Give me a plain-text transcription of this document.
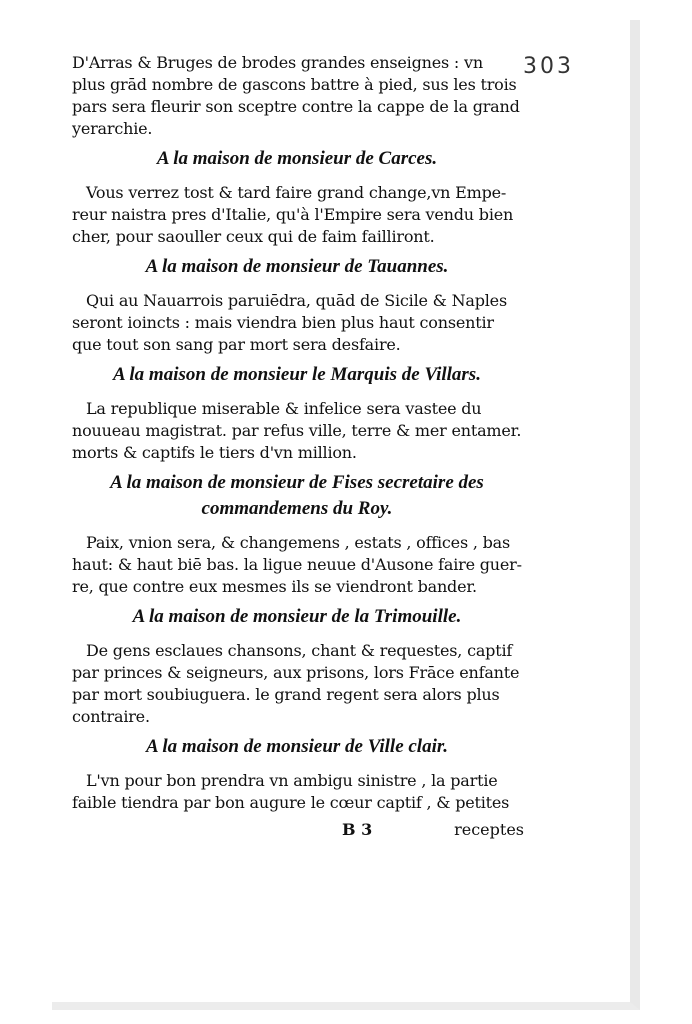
303
D'Arras & Bruges de brodes grandes enseignes : vn
plus grād nombre de gascons battre à pied, sus les trois
pars sera fleurir son sceptre contre la cappe de la grand
yerarchie.
A la maison de monsieur de Carces.
Vous verrez tost & tard faire grand change,vn Empe-
reur naistra pres d'Italie, qu'à l'Empire sera vendu bien
cher, pour saouller ceux qui de faim failliront.
A la maison de monsieur de Tauannes.
Qui au Nauarrois paruiēdra, quād de Sicile & Naples
seront ioincts : mais viendra bien plus haut consentir
que tout son sang par mort sera desfaire.
A la maison de monsieur le Marquis de Villars.
La republique miserable & infelice sera vastee du
nouueau magistrat. par refus ville, terre & mer entamer.
morts & captifs le tiers d'vn million.
A la maison de monsieur de Fises secretaire des
commandemens du Roy.
Paix, vnion sera, & changemens , estats , offices , bas
haut: & haut biē bas. la ligue neuue d'Ausone faire guer-
re, que contre eux mesmes ils se viendront bander.
A la maison de monsieur de la Trimouille.
De gens esclaues chansons, chant & requestes, captif
par princes & seigneurs, aux prisons, lors Frāce enfante
par mort soubiuguera. le grand regent sera alors plus
contraire.
A la maison de monsieur de Ville clair.
L'vn pour bon prendra vn ambigu sinistre , la partie
faible tiendra par bon augure le cœur captif , & petites
B 3	receptes
